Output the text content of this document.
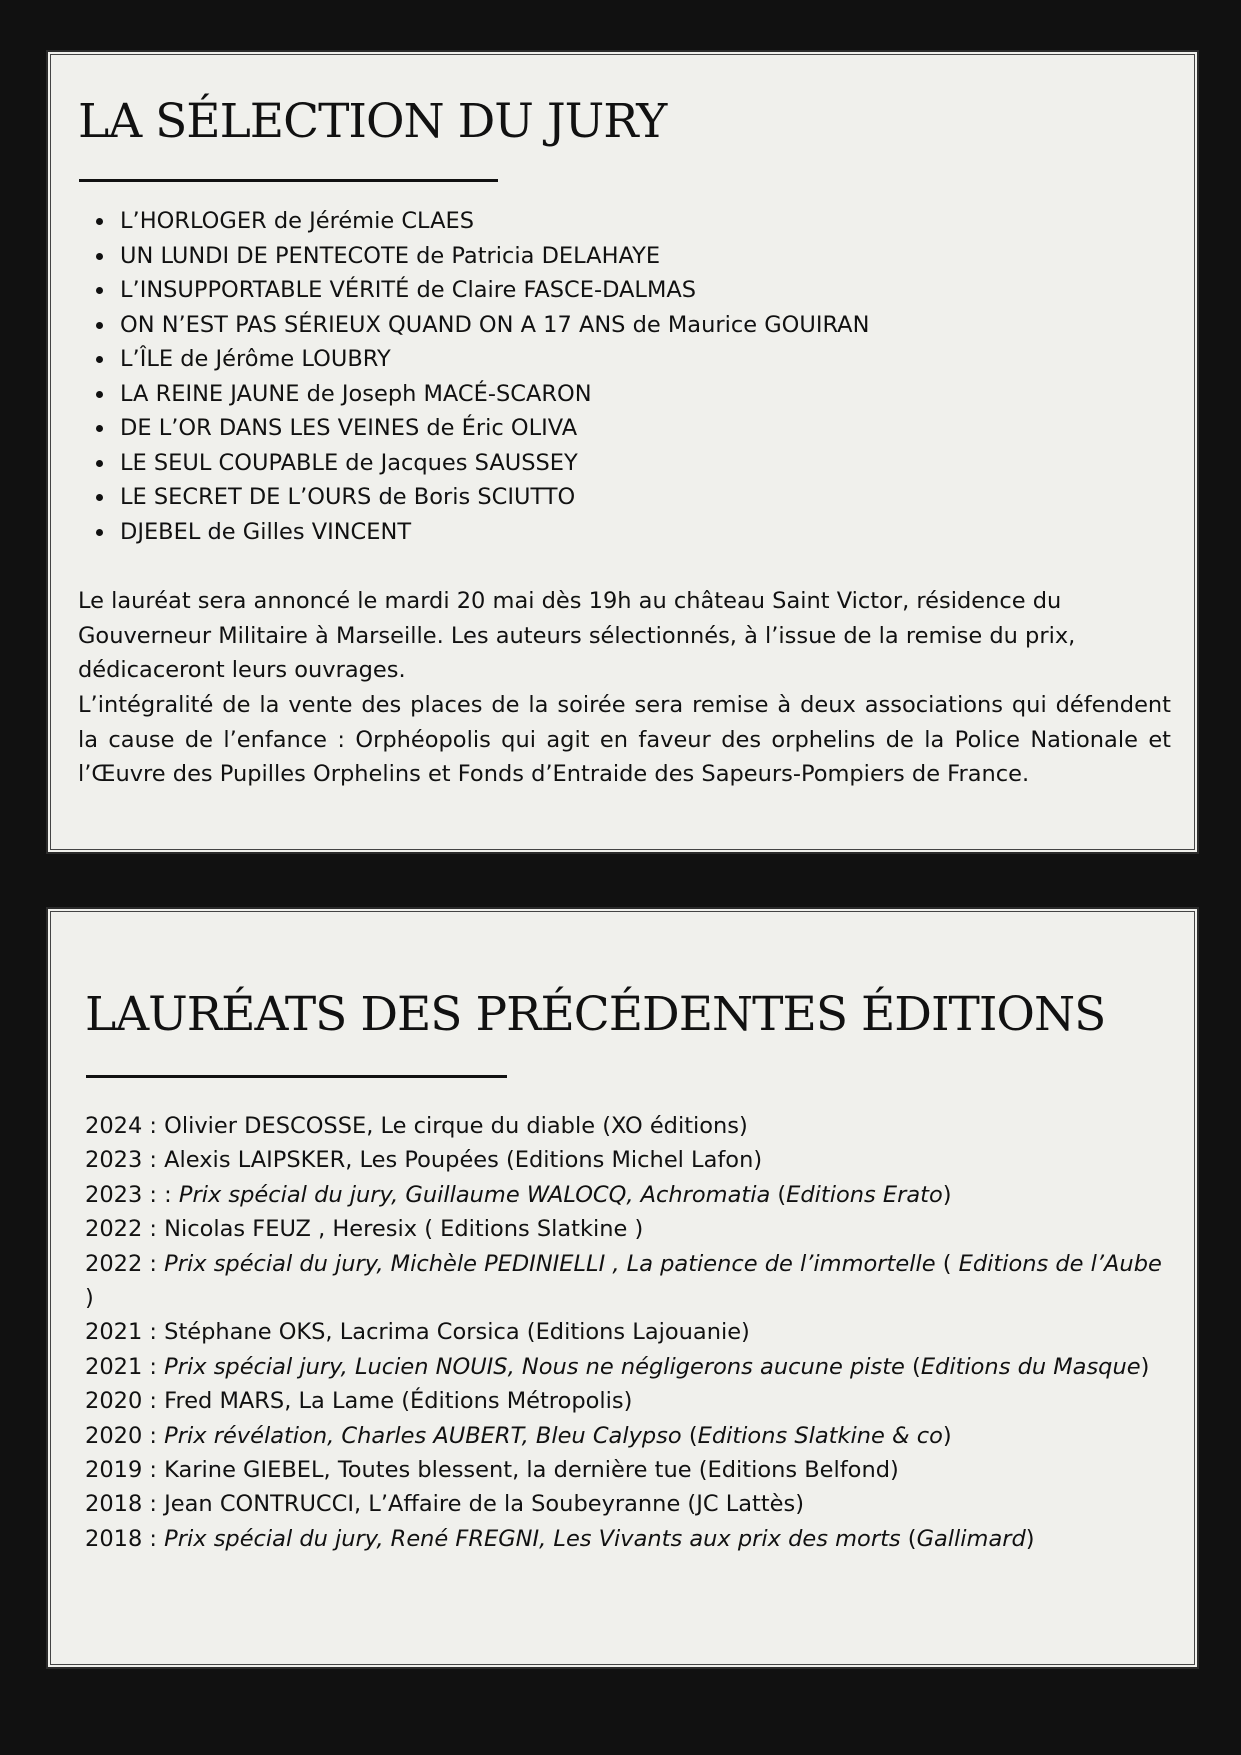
LA SÉLECTION DU JURY
L’HORLOGER de Jérémie CLAES
UN LUNDI DE PENTECOTE de Patricia DELAHAYE
L’INSUPPORTABLE VÉRITÉ de Claire FASCE-DALMAS
ON N’EST PAS SÉRIEUX QUAND ON A 17 ANS de Maurice GOUIRAN
L’ÎLE de Jérôme LOUBRY
LA REINE JAUNE de Joseph MACÉ-SCARON
DE L’OR DANS LES VEINES de Éric OLIVA
LE SEUL COUPABLE de Jacques SAUSSEY
LE SECRET DE L’OURS de Boris SCIUTTO
DJEBEL de Gilles VINCENT

Le lauréat sera annoncé le mardi 20 mai dès 19h au château Saint Victor, résidence du Gouverneur Militaire à Marseille. Les auteurs sélectionnés, à l’issue de la remise du prix, dédicaceront leurs ouvrages.

L’intégralité de la vente des places de la soirée sera remise à deux associations qui défendent la cause de l’enfance : Orphéopolis qui agit en faveur des orphelins de la Police Nationale et l’Œuvre des Pupilles Orphelins et Fonds d’Entraide des Sapeurs-Pompiers de France.

LAURÉATS DES PRÉCÉDENTES ÉDITIONS
2024 : Olivier DESCOSSE, Le cirque du diable (XO éditions)
2023 : Alexis LAIPSKER, Les Poupées (Editions Michel Lafon)
2023 : : Prix spécial du jury, Guillaume WALOCQ, Achromatia (Editions Erato)
2022 : Nicolas FEUZ , Heresix ( Editions Slatkine )
2022 : Prix spécial du jury, Michèle PEDINIELLI , La patience de l’immortelle ( Editions de l’Aube )
2021 : Stéphane OKS, Lacrima Corsica (Editions Lajouanie)
2021 : Prix spécial jury, Lucien NOUIS, Nous ne négligerons aucune piste (Editions du Masque)
2020 : Fred MARS, La Lame (Éditions Métropolis)
2020 : Prix révélation, Charles AUBERT, Bleu Calypso (Editions Slatkine & co)
2019 : Karine GIEBEL, Toutes blessent, la dernière tue (Editions Belfond)
2018 : Jean CONTRUCCI, L’Affaire de la Soubeyranne (JC Lattès)
2018 : Prix spécial du jury, René FREGNI, Les Vivants aux prix des morts (Gallimard)
